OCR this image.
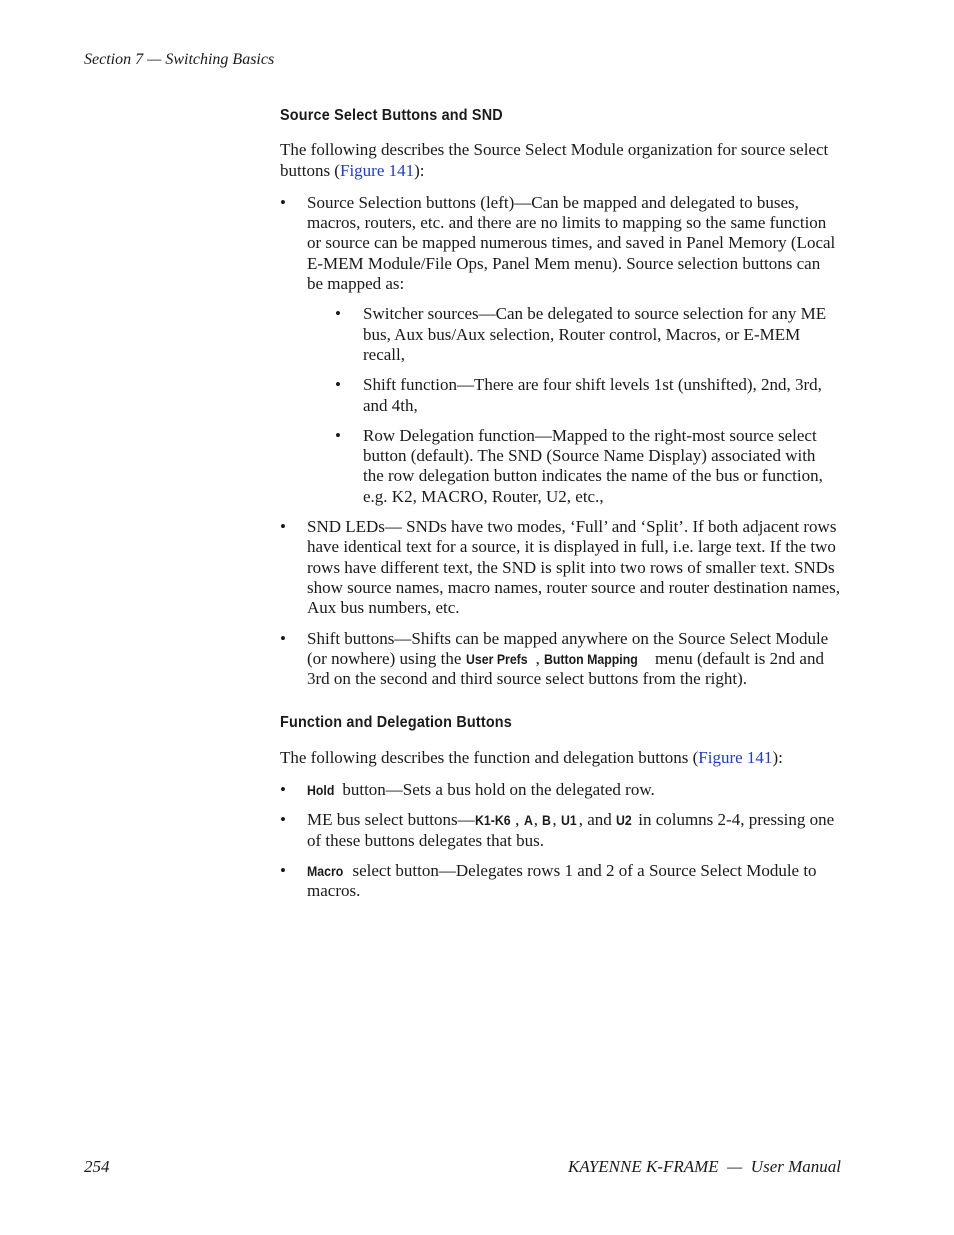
Section 7 — Switching Basics
Source Select Buttons and SND

The following describes the Source Select Module organization for source select buttons (Figure 141):

• Source Selection buttons (left)—Can be mapped and delegated to buses, macros, routers, etc. and there are no limits to mapping so the same function or source can be mapped numerous times, and saved in Panel Memory (Local E-MEM Module/File Ops, Panel Mem menu). Source selection buttons can be mapped as:
• Switcher sources—Can be delegated to source selection for any ME bus, Aux bus/Aux selection, Router control, Macros, or E-MEM recall,
• Shift function—There are four shift levels 1st (unshifted), 2nd, 3rd, and 4th,
• Row Delegation function—Mapped to the right-most source select button (default). The SND (Source Name Display) associated with the row delegation button indicates the name of the bus or function, e.g. K2, MACRO, Router, U2, etc.,
• SND LEDs— SNDs have two modes, ‘Full’ and ‘Split’. If both adjacent rows have identical text for a source, it is displayed in full, i.e. large text. If the two rows have different text, the SND is split into two rows of smaller text. SNDs show source names, macro names, router source and router destination names, Aux bus numbers, etc.
• Shift buttons—Shifts can be mapped anywhere on the Source Select Module (or nowhere) using the User Prefs , Button Mapping menu (default is 2nd and 3rd on the second and third source select buttons from the right).
Function and Delegation Buttons

The following describes the function and delegation buttons (Figure 141):

• Hold button—Sets a bus hold on the delegated row.
• ME bus select buttons—K1-K6 , A, B, U1 , and U2 in columns 2-4, pressing one of these buttons delegates that bus.
• Macro select button—Delegates rows 1 and 2 of a Source Select Module to macros.
254	KAYENNE K-FRAME  —  User Manual
